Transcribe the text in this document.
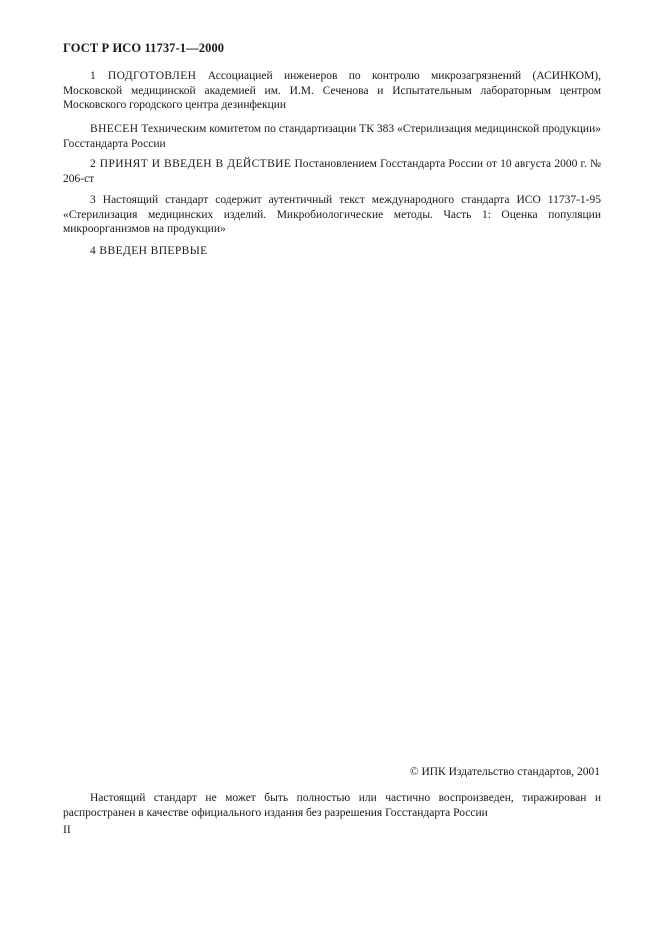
ГОСТ Р ИСО 11737-1—2000

1 ПОДГОТОВЛЕН Ассоциацией инженеров по контролю микрозагрязнений (АСИНКОМ), Московской медицинской академией им. И.М. Сеченова и Испытательным лабораторным центром Московского городского центра дезинфекции

ВНЕСЕН Техническим комитетом по стандартизации ТК 383 «Стерилизация медицинской продукции» Госстандарта России

2 ПРИНЯТ И ВВЕДЕН В ДЕЙСТВИЕ Постановлением Госстандарта России от 10 августа 2000 г. № 206-ст

3 Настоящий стандарт содержит аутентичный текст международного стандарта ИСО 11737-1-95 «Стерилизация медицинских изделий. Микробиологические методы. Часть 1: Оценка популяции микроорганизмов на продукции»

4 ВВЕДЕН ВПЕРВЫЕ

© ИПК Издательство стандартов, 2001

Настоящий стандарт не может быть полностью или частично воспроизведен, тиражирован и распространен в качестве официального издания без разрешения Госстандарта России

II
